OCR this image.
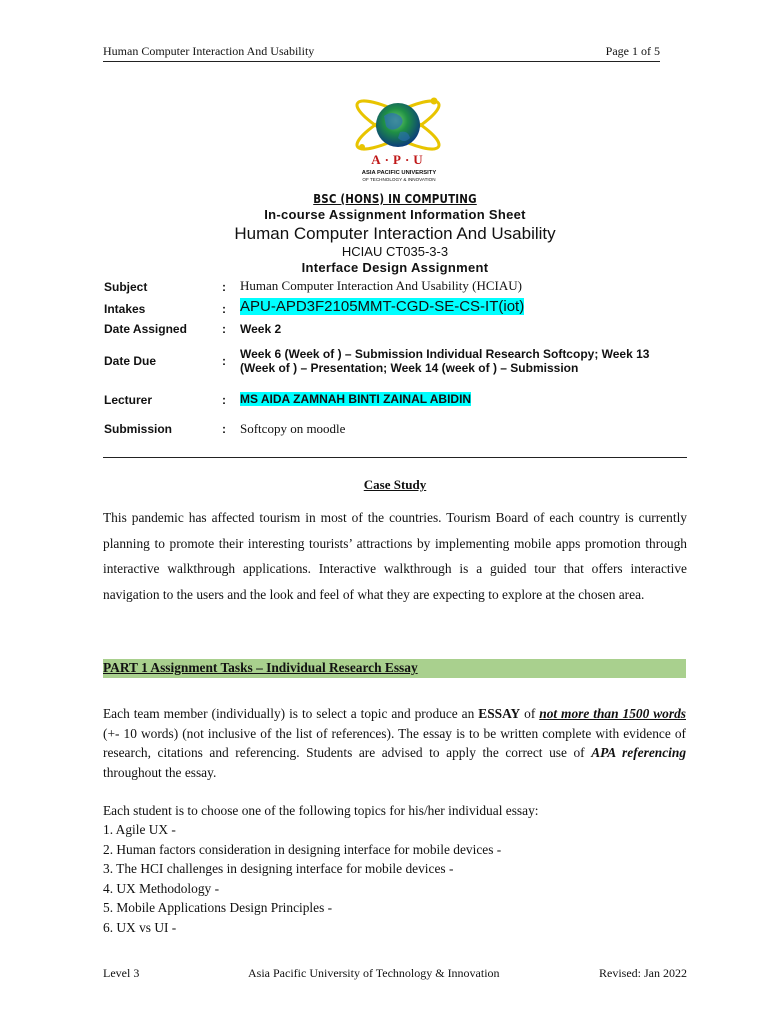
Human Computer Interaction And Usability	Page 1 of 5
A·P·U
ASIA PACIFIC UNIVERSITY
OF TECHNOLOGY & INNOVATION
BSC (HONS) IN COMPUTING
In-course Assignment Information Sheet
Human Computer Interaction And Usability
HCIAU CT035-3-3
Interface Design Assignment
Subject	: Human Computer Interaction And Usability (HCIAU)
Intakes	: APU-APD3F2105MMT-CGD-SE-CS-IT(iot)
Date Assigned	: Week 2
Date Due	: Week 6 (Week of ) – Submission Individual Research Softcopy; Week 13
(Week of ) – Presentation; Week 14 (week of ) – Submission
Lecturer	: MS AIDA ZAMNAH BINTI ZAINAL ABIDIN
Submission	: Softcopy on moodle
Case Study
This pandemic has affected tourism in most of the countries. Tourism Board of each country is currently planning to promote their interesting tourists’ attractions by implementing mobile apps promotion through interactive walkthrough applications. Interactive walkthrough is a guided tour that offers interactive navigation to the users and the look and feel of what they are expecting to explore at the chosen area.
PART 1 Assignment Tasks – Individual Research Essay
Each team member (individually) is to select a topic and produce an ESSAY of not more than 1500 words (+- 10 words) (not inclusive of the list of references). The essay is to be written complete with evidence of research, citations and referencing. Students are advised to apply the correct use of APA referencing throughout the essay.
Each student is to choose one of the following topics for his/her individual essay:
1. Agile UX -
2. Human factors consideration in designing interface for mobile devices -
3. The HCI challenges in designing interface for mobile devices -
4. UX Methodology -
5. Mobile Applications Design Principles -
6. UX vs UI -
Level 3	Asia Pacific University of Technology & Innovation	Revised: Jan 2022
